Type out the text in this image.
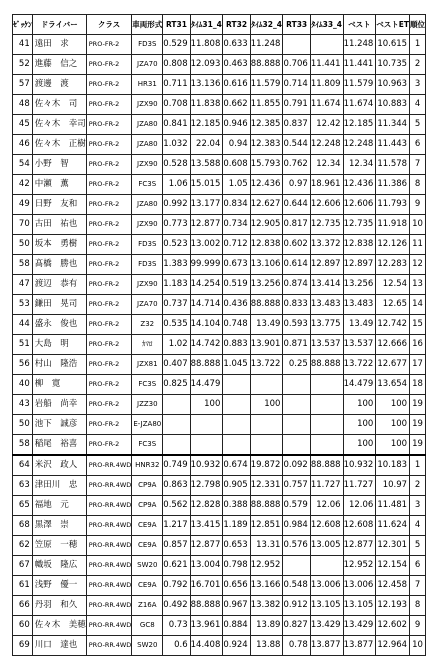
ｾﾞｯｹﾝ	ドライバー	クラス	車両形式	RT31	ﾀｲﾑ31_4	RT32	ﾀｲﾑ32_4	RT33	ﾀｲﾑ33_4	ベスト	ベストET	順位
41	遠田　求	PRO-FR-2	FD3S	0.529	11.808	0.633	11.248			11.248	10.615	1
52	進藤　信之	PRO-FR-2	JZA70	0.808	12.093	0.463	88.888	0.706	11.441	11.441	10.735	2
57	渡邊　渡	PRO-FR-2	HR31	0.711	13.136	0.616	11.579	0.714	11.809	11.579	10.963	3
48	佐々木　司	PRO-FR-2	JZX90	0.708	11.838	0.662	11.855	0.791	11.674	11.674	10.883	4
45	佐々木　幸司	PRO-FR-2	JZA80	0.841	12.185	0.946	12.385	0.837	12.42	12.185	11.344	5
46	佐々木　正樹	PRO-FR-2	JZA80	1.032	22.04	0.94	12.383	0.544	12.248	12.248	11.443	6
54	小野　智	PRO-FR-2	JZX90	0.528	13.588	0.608	15.793	0.762	12.34	12.34	11.578	7
42	中瀬　薫	PRO-FR-2	FC3S	1.06	15.015	1.05	12.436	0.97	18.961	12.436	11.386	8
49	日野　友和	PRO-FR-2	JZA80	0.992	13.177	0.834	12.627	0.644	12.606	12.606	11.793	9
70	古田　祐也	PRO-FR-2	JZX90	0.773	12.877	0.734	12.905	0.817	12.735	12.735	11.918	10
50	坂本　勇樹	PRO-FR-2	FD3S	0.523	13.002	0.712	12.838	0.602	13.372	12.838	12.126	11
58	髙橋　勝也	PRO-FR-2	FD3S	1.383	99.999	0.673	13.106	0.614	12.897	12.897	12.283	12
47	渡辺　恭有	PRO-FR-2	JZX90	1.183	14.254	0.519	13.256	0.874	13.414	13.256	12.54	13
53	鎌田　晃司	PRO-FR-2	JZA70	0.737	14.714	0.436	88.888	0.833	13.483	13.483	12.65	14
44	盛永　俊也	PRO-FR-2	Z32	0.535	14.104	0.748	13.49	0.593	13.775	13.49	12.742	15
51	大島　明	PRO-FR-2	ｶﾏﾛ	1.02	14.742	0.883	13.901	0.871	13.537	13.537	12.666	16
56	村山　隆浩	PRO-FR-2	JZX81	0.407	88.888	1.045	13.722	0.25	88.888	13.722	12.677	17
40	柳　寛	PRO-FR-2	FC3S	0.825	14.479					14.479	13.654	18
43	岩船　尚幸	PRO-FR-2	JZZ30		100		100			100	100	19
50	池下　誠彦	PRO-FR-2	E-JZA80							100	100	19
58	稲尾　裕喜	PRO-FR-2	FC3S							100	100	19
64	米沢　政人	PRO-RR.4WD	HNR32	0.749	10.932	0.674	19.872	0.092	88.888	10.932	10.183	1
63	津田川　忠	PRO-RR.4WD	CP9A	0.863	12.798	0.905	12.331	0.757	11.727	11.727	10.97	2
65	福地　元	PRO-RR.4WD	CP9A	0.562	12.828	0.388	88.888	0.579	12.06	12.06	11.481	3
68	黒澤　崇	PRO-RR.4WD	CE9A	1.217	13.415	1.189	12.851	0.984	12.608	12.608	11.624	4
62	笠原　一穂	PRO-RR.4WD	CE9A	0.857	12.877	0.653	13.31	0.576	13.005	12.877	12.301	5
67	幟坂　隆広	PRO-RR.4WD	SW20	0.621	13.004	0.798	12.952			12.952	12.154	6
61	浅野　優一	PRO-RR.4WD	CE9A	0.792	16.701	0.656	13.166	0.548	13.006	13.006	12.458	7
66	丹羽　和久	PRO-RR.4WD	Z16A	0.492	88.888	0.967	13.382	0.912	13.105	13.105	12.193	8
60	佐々木　美穂	PRO-RR.4WD	GC8	0.73	13.961	0.884	13.89	0.827	13.429	13.429	12.602	9
69	川口　達也	PRO-RR.4WD	SW20	0.6	14.408	0.924	13.88	0.78	13.877	13.877	12.964	10
